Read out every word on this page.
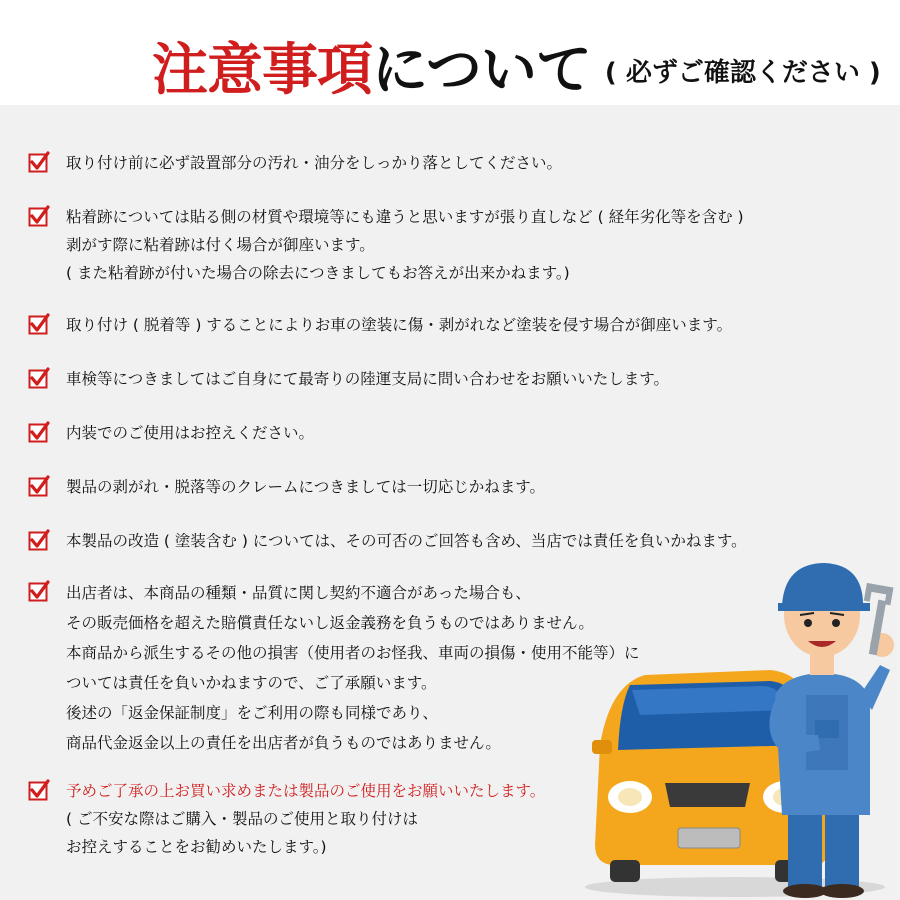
注意事項について ( 必ずご確認ください )
取り付け前に必ず設置部分の汚れ・油分をしっかり落としてください。
粘着跡については貼る側の材質や環境等にも違うと思いますが張り直しなど ( 経年劣化等を含む )
剥がす際に粘着跡は付く場合が御座います。
( また粘着跡が付いた場合の除去につきましてもお答えが出来かねます。)
取り付け ( 脱着等 ) することによりお車の塗装に傷・剥がれなど塗装を侵す場合が御座います。
車検等につきましてはご自身にて最寄りの陸運支局に問い合わせをお願いいたします。
内装でのご使用はお控えください。
製品の剥がれ・脱落等のクレームにつきましては一切応じかねます。
本製品の改造 ( 塗装含む ) については、その可否のご回答も含め、当店では責任を負いかねます。
出店者は、本商品の種類・品質に関し契約不適合があった場合も、
その販売価格を超えた賠償責任ないし返金義務を負うものではありません。
本商品から派生するその他の損害（使用者のお怪我、車両の損傷・使用不能等）に
ついては責任を負いかねますので、ご了承願います。
後述の「返金保証制度」をご利用の際も同様であり、
商品代金返金以上の責任を出店者が負うものではありません。
予めご了承の上お買い求めまたは製品のご使用をお願いいたします。
( ご不安な際はご購入・製品のご使用と取り付けは
お控えすることをお勧めいたします。)
